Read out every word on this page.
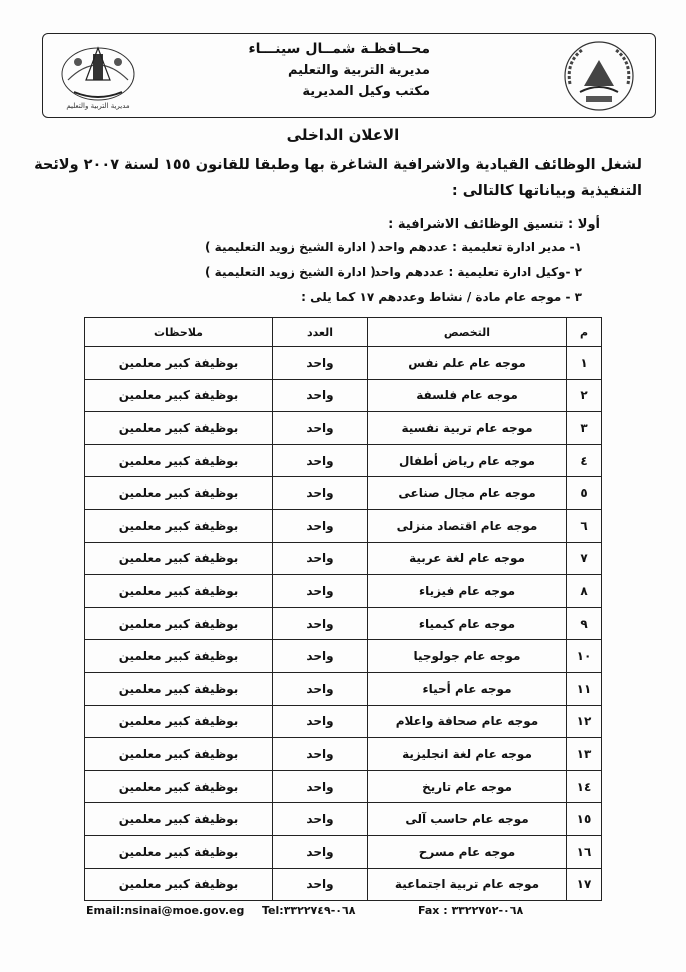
مديرية التربية والتعليم
محــافظـة شمــال سينـــاء
مديرية التربية والتعليم
مكتب وكيل المديرية
الاعلان الداخلى
لشغل الوظائف القيادية والاشرافية الشاغرة بها وطبقا للقانون ١٥٥ لسنة ٢٠٠٧ ولائحة
التنفيذية وبياناتها كالتالى :
أولا : تنسيق الوظائف الاشرافية :
١- مدير ادارة تعليمية : عددهم واحد
( ادارة الشيخ زويد التعليمية )
٢ -وكيل ادارة تعليمية : عددهم واحد
( ادارة الشيخ زويد التعليمية )
٣ - موجه عام مادة / نشاط وعددهم ١٧ كما يلى :
م	التخصص	العدد	ملاحظات
١	موجه عام علم نفس	واحد	بوظيفة كبير معلمين
٢	موجه عام فلسفة	واحد	بوظيفة كبير معلمين
٣	موجه عام تربية نفسية	واحد	بوظيفة كبير معلمين
٤	موجه عام رياض أطفال	واحد	بوظيفة كبير معلمين
٥	موجه عام مجال صناعى	واحد	بوظيفة كبير معلمين
٦	موجه عام اقتصاد منزلى	واحد	بوظيفة كبير معلمين
٧	موجه عام لغة عربية	واحد	بوظيفة كبير معلمين
٨	موجه عام فيزياء	واحد	بوظيفة كبير معلمين
٩	موجه عام كيمياء	واحد	بوظيفة كبير معلمين
١٠	موجه عام جولوجيا	واحد	بوظيفة كبير معلمين
١١	موجه عام أحياء	واحد	بوظيفة كبير معلمين
١٢	موجه عام صحافة واعلام	واحد	بوظيفة كبير معلمين
١٣	موجه عام لغة انجليزية	واحد	بوظيفة كبير معلمين
١٤	موجه عام تاريخ	واحد	بوظيفة كبير معلمين
١٥	موجه عام حاسب آلى	واحد	بوظيفة كبير معلمين
١٦	موجه عام مسرح	واحد	بوظيفة كبير معلمين
١٧	موجه عام تربية اجتماعية	واحد	بوظيفة كبير معلمين
Email:nsinai@moe.gov.eg Tel:٠٦٨-٣٣٢٢٧٤٩	Fax : ٠٦٨-٣٣٢٢٧٥٢
